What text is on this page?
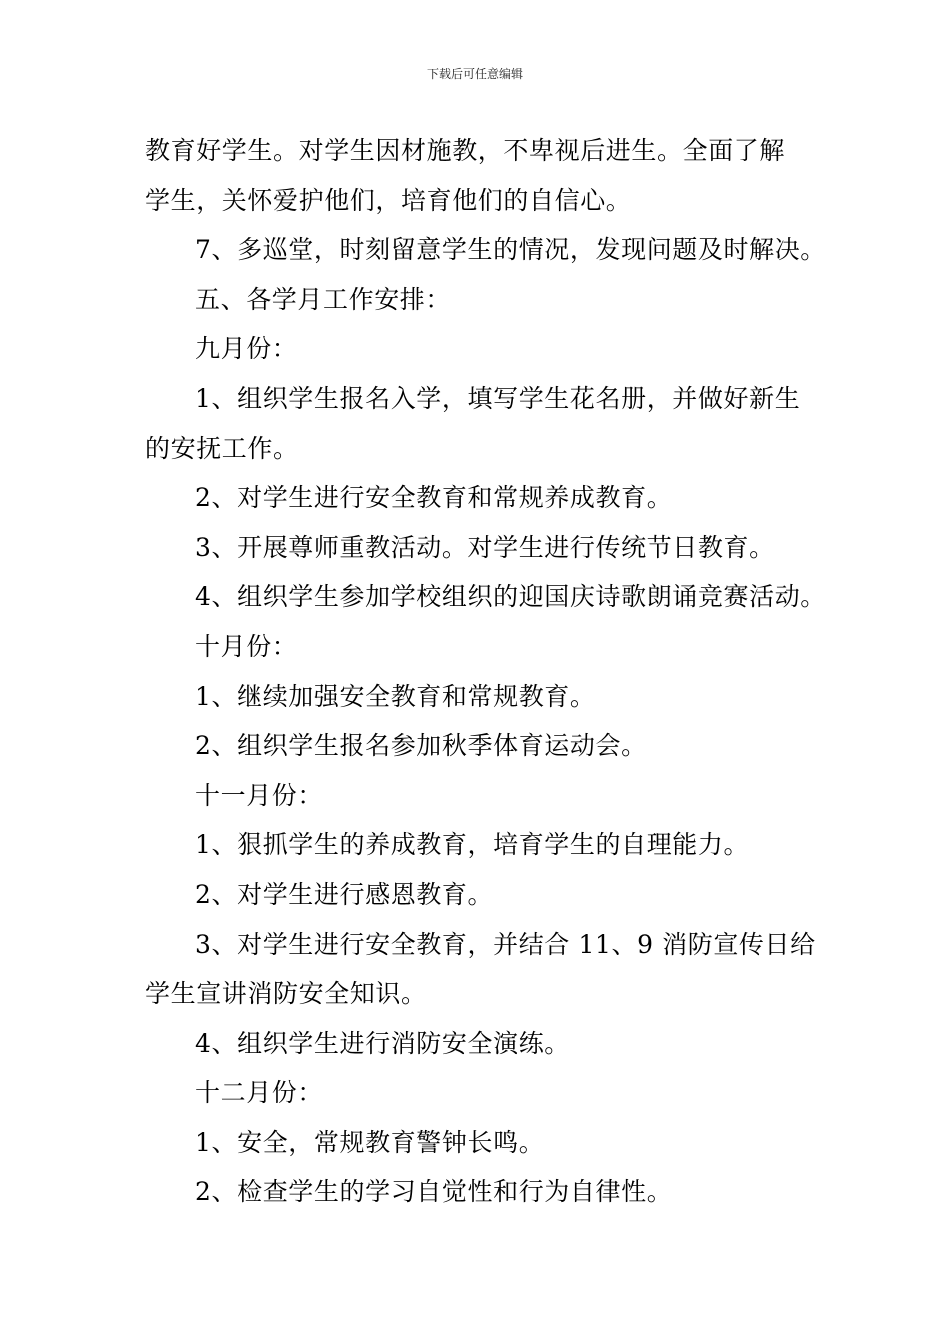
下载后可任意编辑

教育好学生。对学生因材施教，不卑视后进生。全面了解

学生，关怀爱护他们，培育他们的自信心。

7、多巡堂，时刻留意学生的情况，发现问题及时解决。

五、各学月工作安排：

九月份：

1、组织学生报名入学，填写学生花名册，并做好新生

的安抚工作。

2、对学生进行安全教育和常规养成教育。

3、开展尊师重教活动。对学生进行传统节日教育。

4、组织学生参加学校组织的迎国庆诗歌朗诵竞赛活动。

十月份：

1、继续加强安全教育和常规教育。

2、组织学生报名参加秋季体育运动会。

十一月份：

1、狠抓学生的养成教育，培育学生的自理能力。

2、对学生进行感恩教育。

3、对学生进行安全教育，并结合 11、9 消防宣传日给

学生宣讲消防安全知识。

4、组织学生进行消防安全演练。

十二月份：

1、安全，常规教育警钟长鸣。

2、检查学生的学习自觉性和行为自律性。
